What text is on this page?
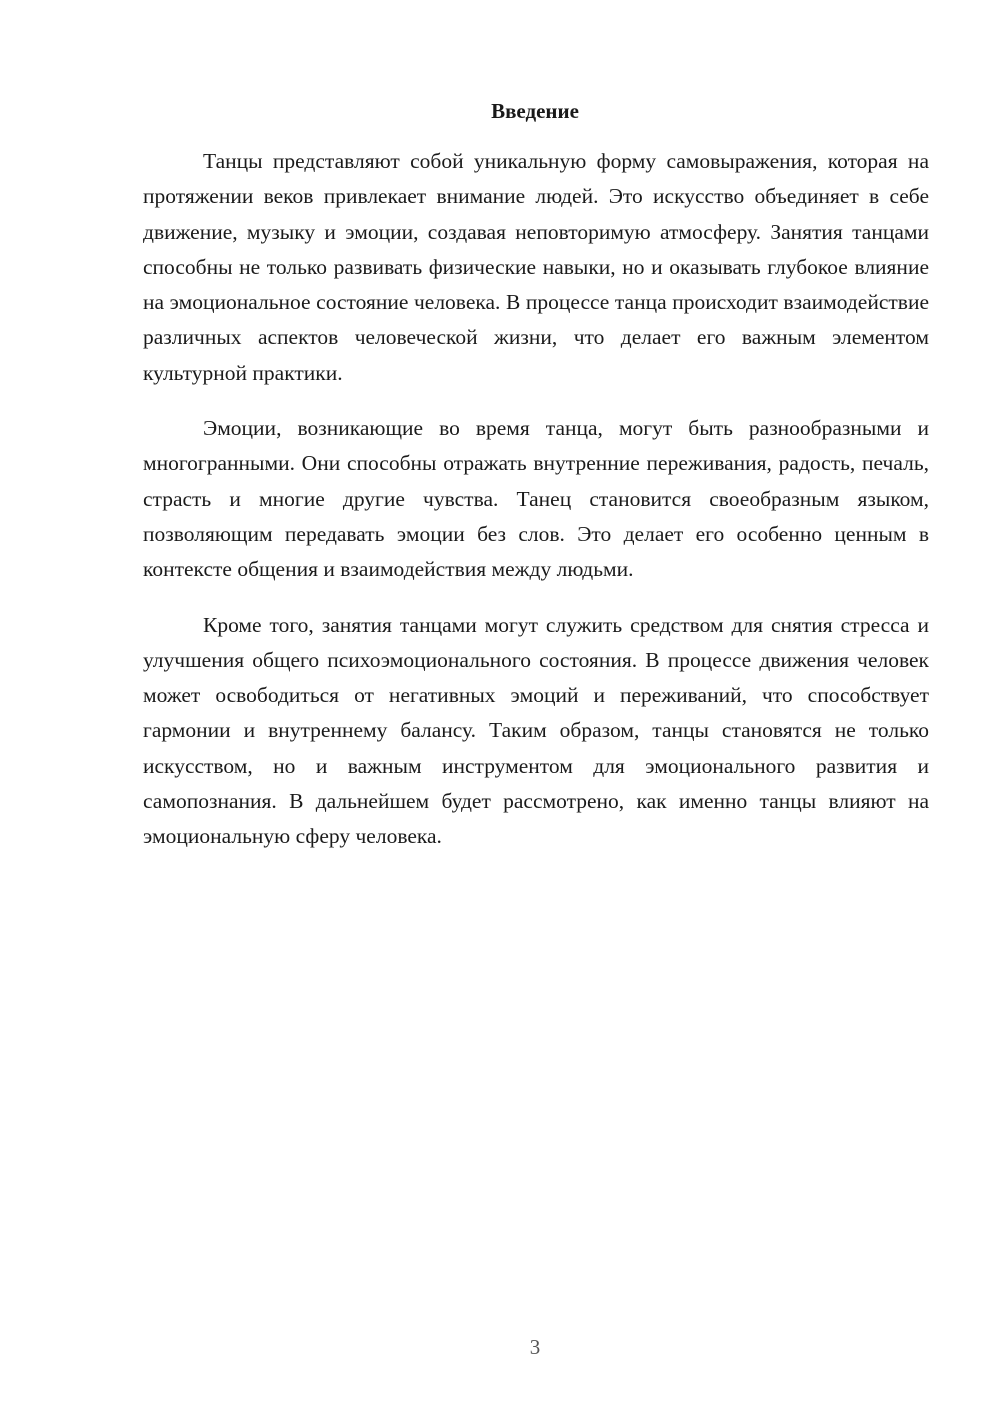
Введение

Танцы представляют собой уникальную форму самовыражения, которая на протяжении веков привлекает внимание людей. Это искусство объединяет в себе движение, музыку и эмоции, создавая неповторимую атмосферу. Занятия танцами способны не только развивать физические навыки, но и оказывать глубокое влияние на эмоциональное состояние человека. В процессе танца происходит взаимодействие различных аспектов человеческой жизни, что делает его важным элементом культурной практики.

Эмоции, возникающие во время танца, могут быть разнообразными и многогранными. Они способны отражать внутренние переживания, радость, печаль, страсть и многие другие чувства. Танец становится своеобразным языком, позволяющим передавать эмоции без слов. Это делает его особенно ценным в контексте общения и взаимодействия между людьми.

Кроме того, занятия танцами могут служить средством для снятия стресса и улучшения общего психоэмоционального состояния. В процессе движения человек может освободиться от негативных эмоций и переживаний, что способствует гармонии и внутреннему балансу. Таким образом, танцы становятся не только искусством, но и важным инструментом для эмоционального развития и самопознания. В дальнейшем будет рассмотрено, как именно танцы влияют на эмоциональную сферу человека.

3
